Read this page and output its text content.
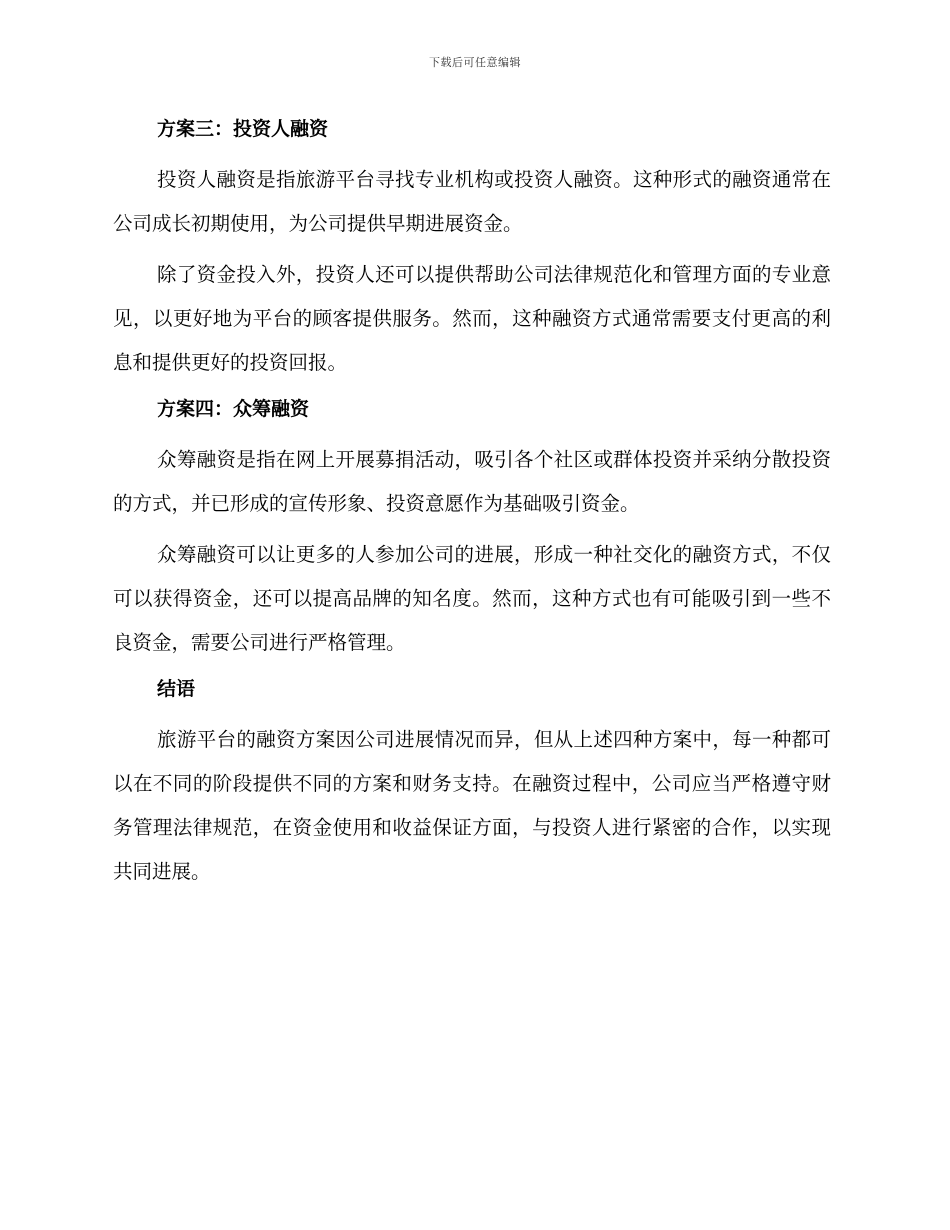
下载后可任意编辑
方案三：投资人融资

投资人融资是指旅游平台寻找专业机构或投资人融资。这种形式的融资通常在公司成长初期使用，为公司提供早期进展资金。

除了资金投入外，投资人还可以提供帮助公司法律规范化和管理方面的专业意见，以更好地为平台的顾客提供服务。然而，这种融资方式通常需要支付更高的利息和提供更好的投资回报。

方案四：众筹融资

众筹融资是指在网上开展募捐活动，吸引各个社区或群体投资并采纳分散投资的方式，并已形成的宣传形象、投资意愿作为基础吸引资金。

众筹融资可以让更多的人参加公司的进展，形成一种社交化的融资方式，不仅可以获得资金，还可以提高品牌的知名度。然而，这种方式也有可能吸引到一些不良资金，需要公司进行严格管理。

结语

旅游平台的融资方案因公司进展情况而异，但从上述四种方案中，每一种都可以在不同的阶段提供不同的方案和财务支持。在融资过程中，公司应当严格遵守财务管理法律规范，在资金使用和收益保证方面，与投资人进行紧密的合作，以实现共同进展。
